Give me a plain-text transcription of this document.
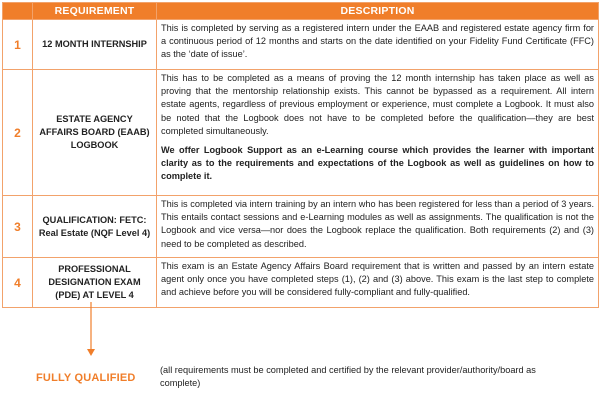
	REQUIREMENT	DESCRIPTION
1	12 MONTH INTERNSHIP	This is completed by serving as a registered intern under the EAAB and registered estate agency firm for a continuous period of 12 months and starts on the date identified on your Fidelity Fund Certificate (FFC) as the ‘date of issue’.

2	ESTATE AGENCY AFFAIRS BOARD (EAAB) LOGBOOK	This has to be completed as a means of proving the 12 month internship has taken place as well as proving that the mentorship relationship exists. This cannot be bypassed as a requirement. All intern estate agents, regardless of previous employment or experience, must complete a Logbook. It must also be noted that the Logbook does not have to be completed before the qualification—they are best completed simultaneously.

We offer Logbook Support as an e-Learning course which provides the learner with important clarity as to the requirements and expectations of the Logbook as well as guidelines on how to complete it.

3	QUALIFICATION: FETC: Real Estate (NQF Level 4)	This is completed via intern training by an intern who has been registered for less than a period of 3 years. This entails contact sessions and e-Learning modules as well as assignments. The qualification is not the Logbook and vice versa—nor does the Logbook replace the qualification. Both requirements (2) and (3) need to be completed as described.

4	PROFESSIONAL DESIGNATION EXAM (PDE) AT LEVEL 4	This exam is an Estate Agency Affairs Board requirement that is written and passed by an intern estate agent only once you have completed steps (1), (2) and (3) above. This exam is the last step to complete and achieve before you will be considered fully-compliant and fully-qualified.

FULLY QUALIFIED
(all requirements must be completed and certified by the relevant provider/authority/board as complete)
